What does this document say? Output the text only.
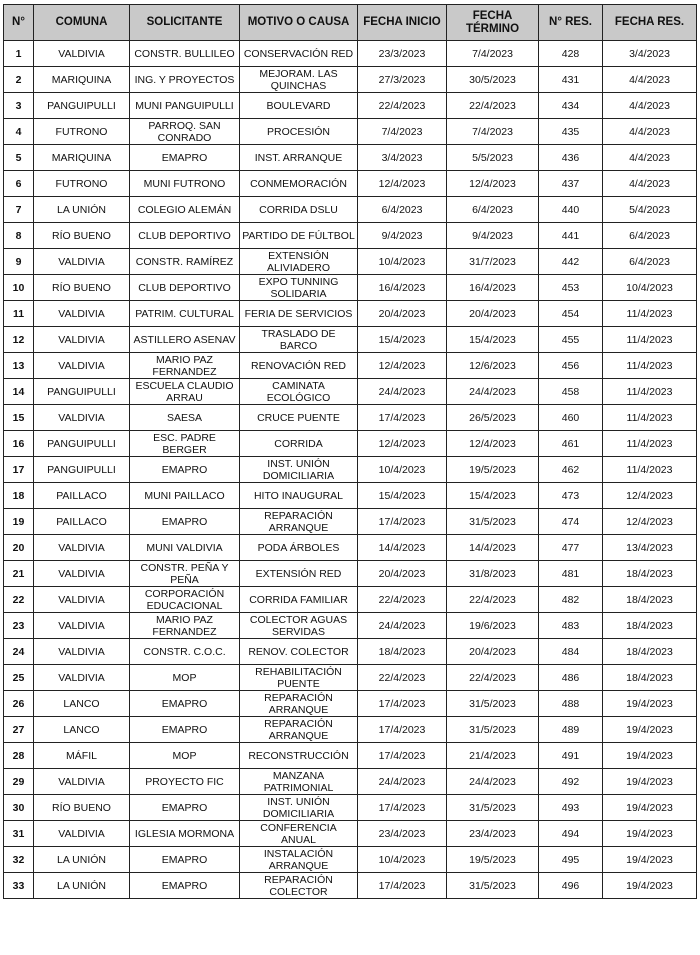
N°	COMUNA	SOLICITANTE	MOTIVO O CAUSA	FECHA INICIO	FECHA TÉRMINO	N° RES.	FECHA RES.
1	VALDIVIA	CONSTR. BULLILEO	CONSERVACIÓN RED	23/3/2023	7/4/2023	428	3/4/2023
2	MARIQUINA	ING. Y PROYECTOS	MEJORAM. LAS QUINCHAS	27/3/2023	30/5/2023	431	4/4/2023
3	PANGUIPULLI	MUNI PANGUIPULLI	BOULEVARD	22/4/2023	22/4/2023	434	4/4/2023
4	FUTRONO	PARROQ. SAN CONRADO	PROCESIÓN	7/4/2023	7/4/2023	435	4/4/2023
5	MARIQUINA	EMAPRO	INST. ARRANQUE	3/4/2023	5/5/2023	436	4/4/2023
6	FUTRONO	MUNI FUTRONO	CONMEMORACIÓN	12/4/2023	12/4/2023	437	4/4/2023
7	LA UNIÓN	COLEGIO ALEMÁN	CORRIDA DSLU	6/4/2023	6/4/2023	440	5/4/2023
8	RÍO BUENO	CLUB DEPORTIVO	PARTIDO DE FÚLTBOL	9/4/2023	9/4/2023	441	6/4/2023
9	VALDIVIA	CONSTR. RAMÍREZ	EXTENSIÓN ALIVIADERO	10/4/2023	31/7/2023	442	6/4/2023
10	RÍO BUENO	CLUB DEPORTIVO	EXPO TUNNING SOLIDARIA	16/4/2023	16/4/2023	453	10/4/2023
11	VALDIVIA	PATRIM. CULTURAL	FERIA DE SERVICIOS	20/4/2023	20/4/2023	454	11/4/2023
12	VALDIVIA	ASTILLERO ASENAV	TRASLADO DE BARCO	15/4/2023	15/4/2023	455	11/4/2023
13	VALDIVIA	MARIO PAZ FERNANDEZ	RENOVACIÓN RED	12/4/2023	12/6/2023	456	11/4/2023
14	PANGUIPULLI	ESCUELA CLAUDIO ARRAU	CAMINATA ECOLÓGICO	24/4/2023	24/4/2023	458	11/4/2023
15	VALDIVIA	SAESA	CRUCE PUENTE	17/4/2023	26/5/2023	460	11/4/2023
16	PANGUIPULLI	ESC. PADRE BERGER	CORRIDA	12/4/2023	12/4/2023	461	11/4/2023
17	PANGUIPULLI	EMAPRO	INST. UNIÓN DOMICILIARIA	10/4/2023	19/5/2023	462	11/4/2023
18	PAILLACO	MUNI PAILLACO	HITO INAUGURAL	15/4/2023	15/4/2023	473	12/4/2023
19	PAILLACO	EMAPRO	REPARACIÓN ARRANQUE	17/4/2023	31/5/2023	474	12/4/2023
20	VALDIVIA	MUNI VALDIVIA	PODA ÁRBOLES	14/4/2023	14/4/2023	477	13/4/2023
21	VALDIVIA	CONSTR. PEÑA Y PEÑA	EXTENSIÓN RED	20/4/2023	31/8/2023	481	18/4/2023
22	VALDIVIA	CORPORACIÓN EDUCACIONAL	CORRIDA FAMILIAR	22/4/2023	22/4/2023	482	18/4/2023
23	VALDIVIA	MARIO PAZ FERNANDEZ	COLECTOR AGUAS SERVIDAS	24/4/2023	19/6/2023	483	18/4/2023
24	VALDIVIA	CONSTR. C.O.C.	RENOV. COLECTOR	18/4/2023	20/4/2023	484	18/4/2023
25	VALDIVIA	MOP	REHABILITACIÓN PUENTE	22/4/2023	22/4/2023	486	18/4/2023
26	LANCO	EMAPRO	REPARACIÓN ARRANQUE	17/4/2023	31/5/2023	488	19/4/2023
27	LANCO	EMAPRO	REPARACIÓN ARRANQUE	17/4/2023	31/5/2023	489	19/4/2023
28	MÁFIL	MOP	RECONSTRUCCIÓN	17/4/2023	21/4/2023	491	19/4/2023
29	VALDIVIA	PROYECTO FIC	MANZANA PATRIMONIAL	24/4/2023	24/4/2023	492	19/4/2023
30	RÍO BUENO	EMAPRO	INST. UNIÓN DOMICILIARIA	17/4/2023	31/5/2023	493	19/4/2023
31	VALDIVIA	IGLESIA MORMONA	CONFERENCIA ANUAL	23/4/2023	23/4/2023	494	19/4/2023
32	LA UNIÓN	EMAPRO	INSTALACIÓN ARRANQUE	10/4/2023	19/5/2023	495	19/4/2023
33	LA UNIÓN	EMAPRO	REPARACIÓN COLECTOR	17/4/2023	31/5/2023	496	19/4/2023
